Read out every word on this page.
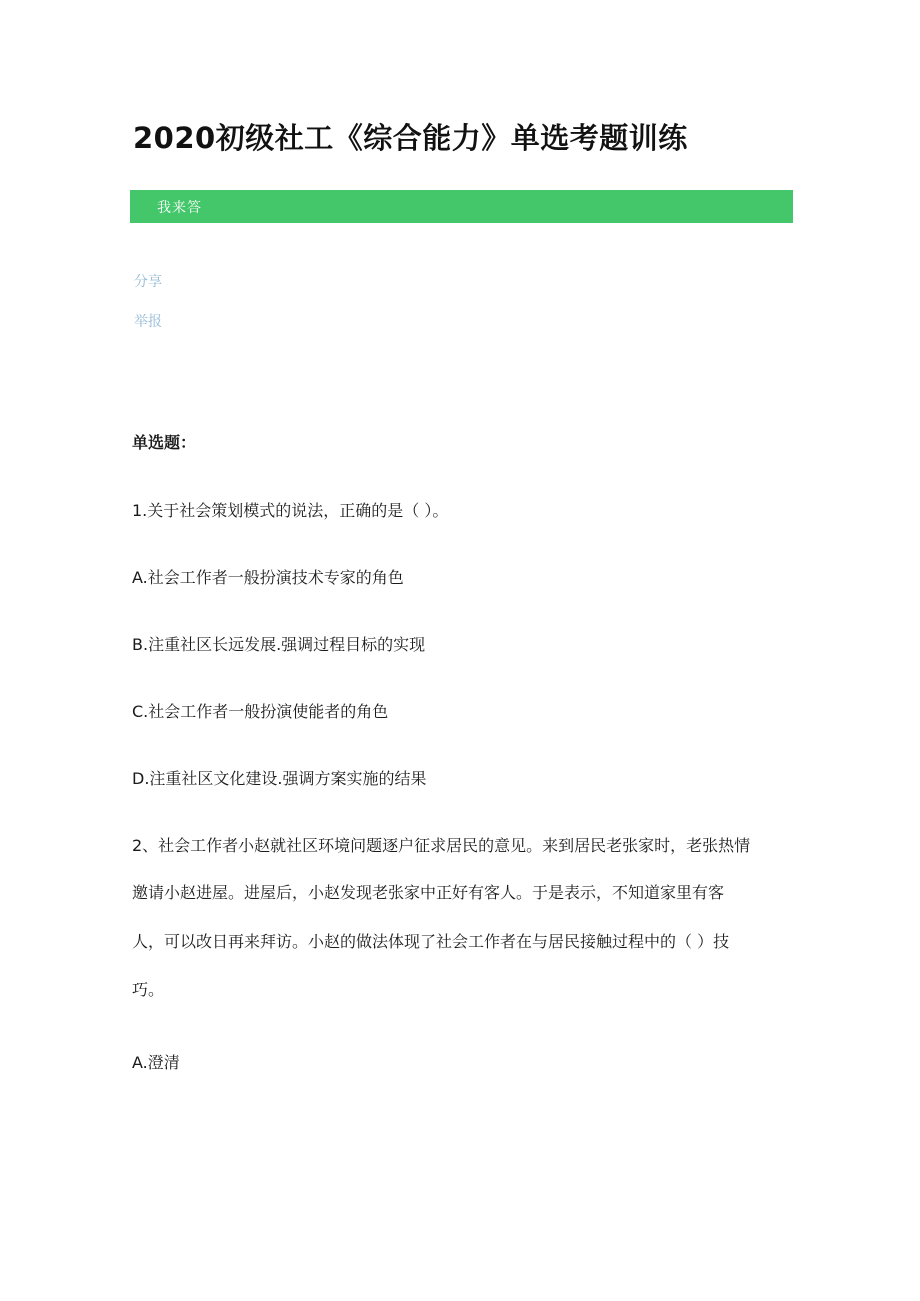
2020初级社工《综合能力》单选考题训练
我来答
分享
举报

单选题：

1.关于社会策划模式的说法，正确的是（ ）。

A.社会工作者一般扮演技术专家的角色

B.注重社区长远发展.强调过程目标的实现

C.社会工作者一般扮演使能者的角色

D.注重社区文化建设.强调方案实施的结果

2、社会工作者小赵就社区环境问题逐户征求居民的意见。来到居民老张家时，老张热情

邀请小赵进屋。进屋后，小赵发现老张家中正好有客人。于是表示，不知道家里有客

人，可以改日再来拜访。小赵的做法体现了社会工作者在与居民接触过程中的（ ）技

巧。

A.澄清
